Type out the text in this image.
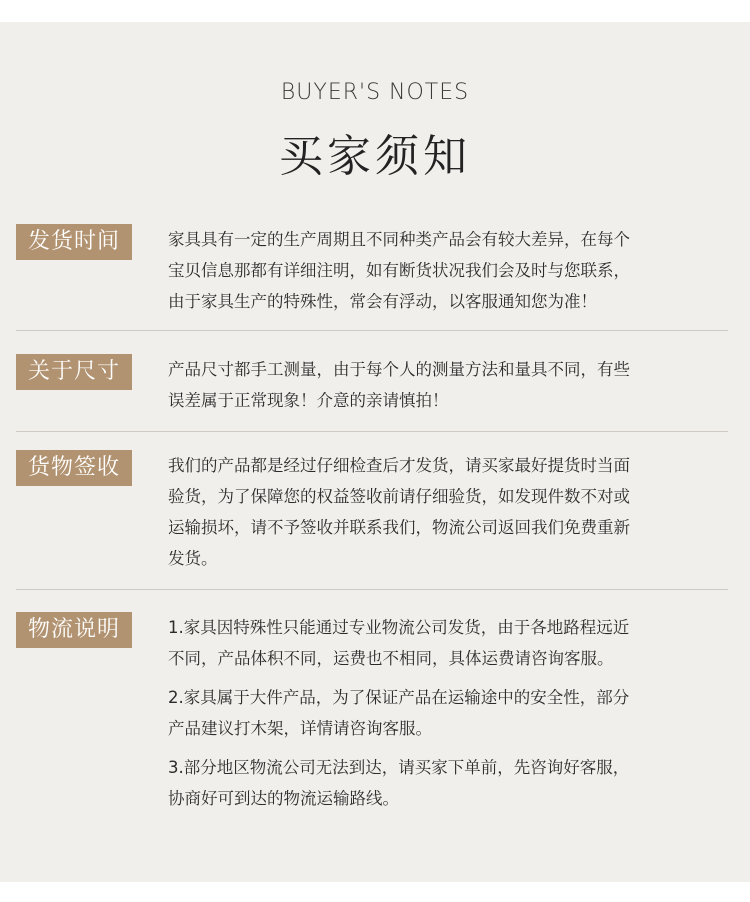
BUYER'S NOTES
买家须知
发货时间	家具具有一定的生产周期且不同种类产品会有较大差异，在每个

宝贝信息那都有详细注明，如有断货状况我们会及时与您联系，

由于家具生产的特殊性，常会有浮动，以客服通知您为准！

关于尺寸	产品尺寸都手工测量，由于每个人的测量方法和量具不同，有些

误差属于正常现象！介意的亲请慎拍！

货物签收	我们的产品都是经过仔细检查后才发货，请买家最好提货时当面

验货，为了保障您的权益签收前请仔细验货，如发现件数不对或

运输损坏，请不予签收并联系我们，物流公司返回我们免费重新

发货。

物流说明	1.家具因特殊性只能通过专业物流公司发货，由于各地路程远近

不同，产品体积不同，运费也不相同，具体运费请咨询客服。

2.家具属于大件产品，为了保证产品在运输途中的安全性，部分

产品建议打木架，详情请咨询客服。

3.部分地区物流公司无法到达，请买家下单前，先咨询好客服，

协商好可到达的物流运输路线。
